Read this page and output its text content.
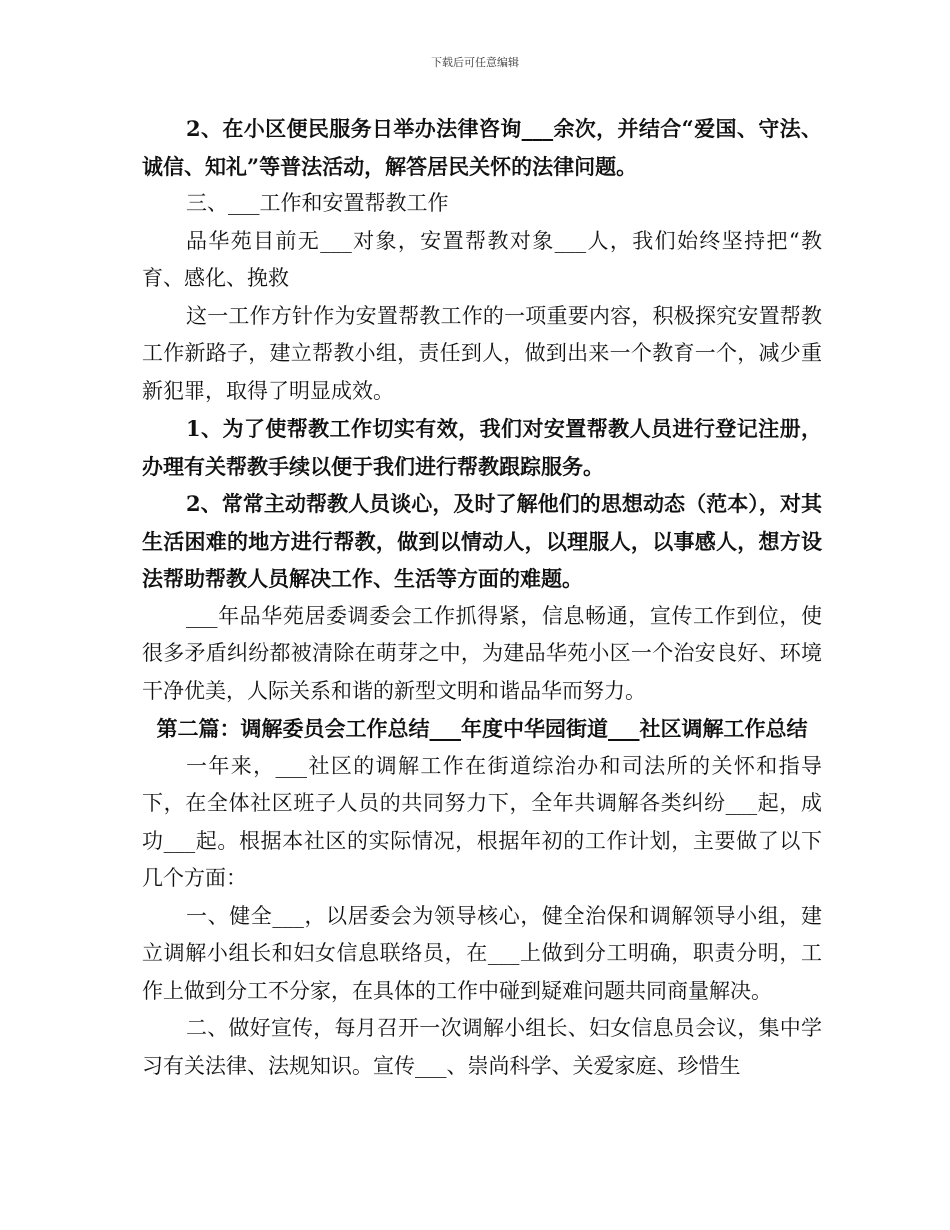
下载后可任意编辑

2、在小区便民服务日举办法律咨询___余次，并结合“爱国、守法、诚信、知礼”等普法活动，解答居民关怀的法律问题。

三、___工作和安置帮教工作

品华苑目前无___对象，安置帮教对象___人，我们始终坚持把“教育、感化、挽救

这一工作方针作为安置帮教工作的一项重要内容，积极探究安置帮教工作新路子，建立帮教小组，责任到人，做到出来一个教育一个，减少重新犯罪，取得了明显成效。

1、为了使帮教工作切实有效，我们对安置帮教人员进行登记注册，办理有关帮教手续以便于我们进行帮教跟踪服务。

2、常常主动帮教人员谈心，及时了解他们的思想动态（范本），对其生活困难的地方进行帮教，做到以情动人，以理服人，以事感人，想方设法帮助帮教人员解决工作、生活等方面的难题。

___年品华苑居委调委会工作抓得紧，信息畅通，宣传工作到位，使很多矛盾纠纷都被清除在萌芽之中，为建品华苑小区一个治安良好、环境干净优美，人际关系和谐的新型文明和谐品华而努力。

第二篇：调解委员会工作总结___年度中华园街道___社区调解工作总结

一年来，___社区的调解工作在街道综治办和司法所的关怀和指导下，在全体社区班子人员的共同努力下，全年共调解各类纠纷___起，成功___起。根据本社区的实际情况，根据年初的工作计划，主要做了以下几个方面：

一、健全___，以居委会为领导核心，健全治保和调解领导小组，建立调解小组长和妇女信息联络员，在___上做到分工明确，职责分明，工作上做到分工不分家，在具体的工作中碰到疑难问题共同商量解决。

二、做好宣传，每月召开一次调解小组长、妇女信息员会议，集中学习有关法律、法规知识。宣传___、崇尚科学、关爱家庭、珍惜生
